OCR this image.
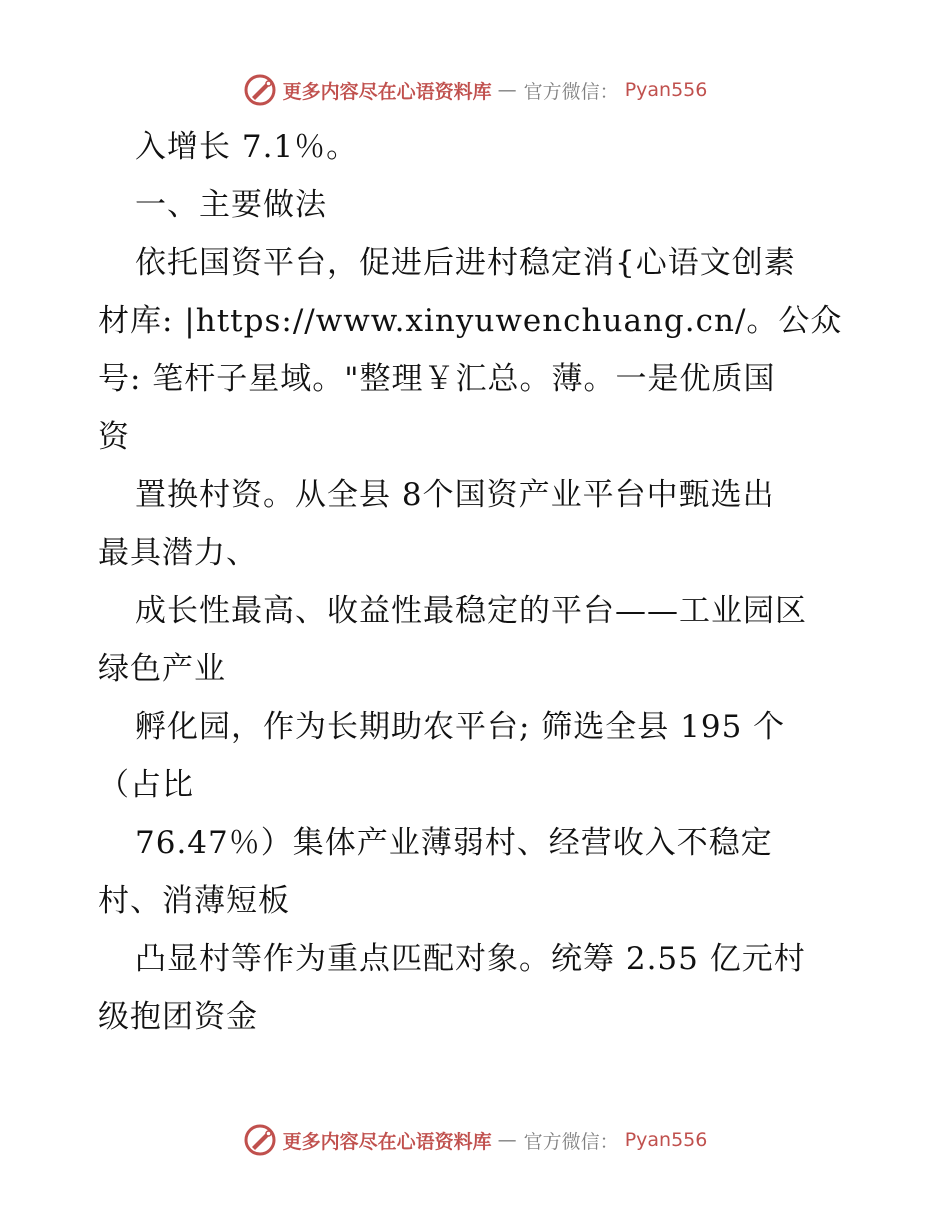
更多内容尽在心语资料库 — 官方微信： Pyan556
入增长 7.1％。
一、主要做法
依托国资平台，促进后进村稳定消{心语文创素
材库: |https://www.xinyuwenchuang.cn/。公众
号: 笔杆子星域。"整理￥汇总。薄。一是优质国
资
置换村资。从全县 8个国资产业平台中甄选出
最具潜力、
成长性最高、收益性最稳定的平台——工业园区
绿色产业
孵化园，作为长期助农平台; 筛选全县 195 个
（占比
76.47％）集体产业薄弱村、经营收入不稳定
村、消薄短板
凸显村等作为重点匹配对象。统筹 2.55 亿元村
级抱团资金
更多内容尽在心语资料库 — 官方微信： Pyan556
